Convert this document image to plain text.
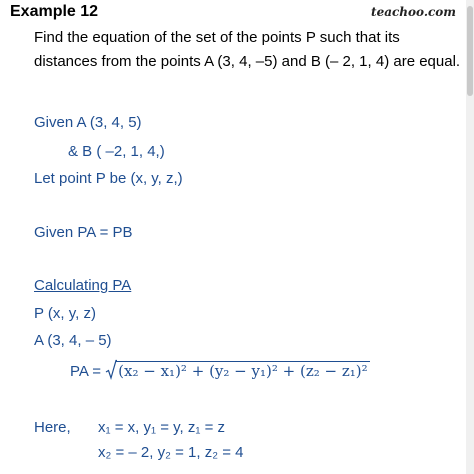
teachoo.com
Example 12
Find the equation of the set of the points P such that its
distances from the points A (3, 4, –5) and B (– 2, 1, 4) are equal.
Given A (3, 4, 5)
& B ( –2, 1, 4,)
Let point P be (x, y, z,)
Given PA = PB
Calculating PA
P (x, y, z)
A (3, 4, – 5)
PA = (x₂ − x₁)² + (y₂ − y₁)² + (z₂ − z₁)²
Here, x₁ = x, y₁ = y, z₁ = z
x₂ = – 2, y₂ = 1, z₂ = 4
